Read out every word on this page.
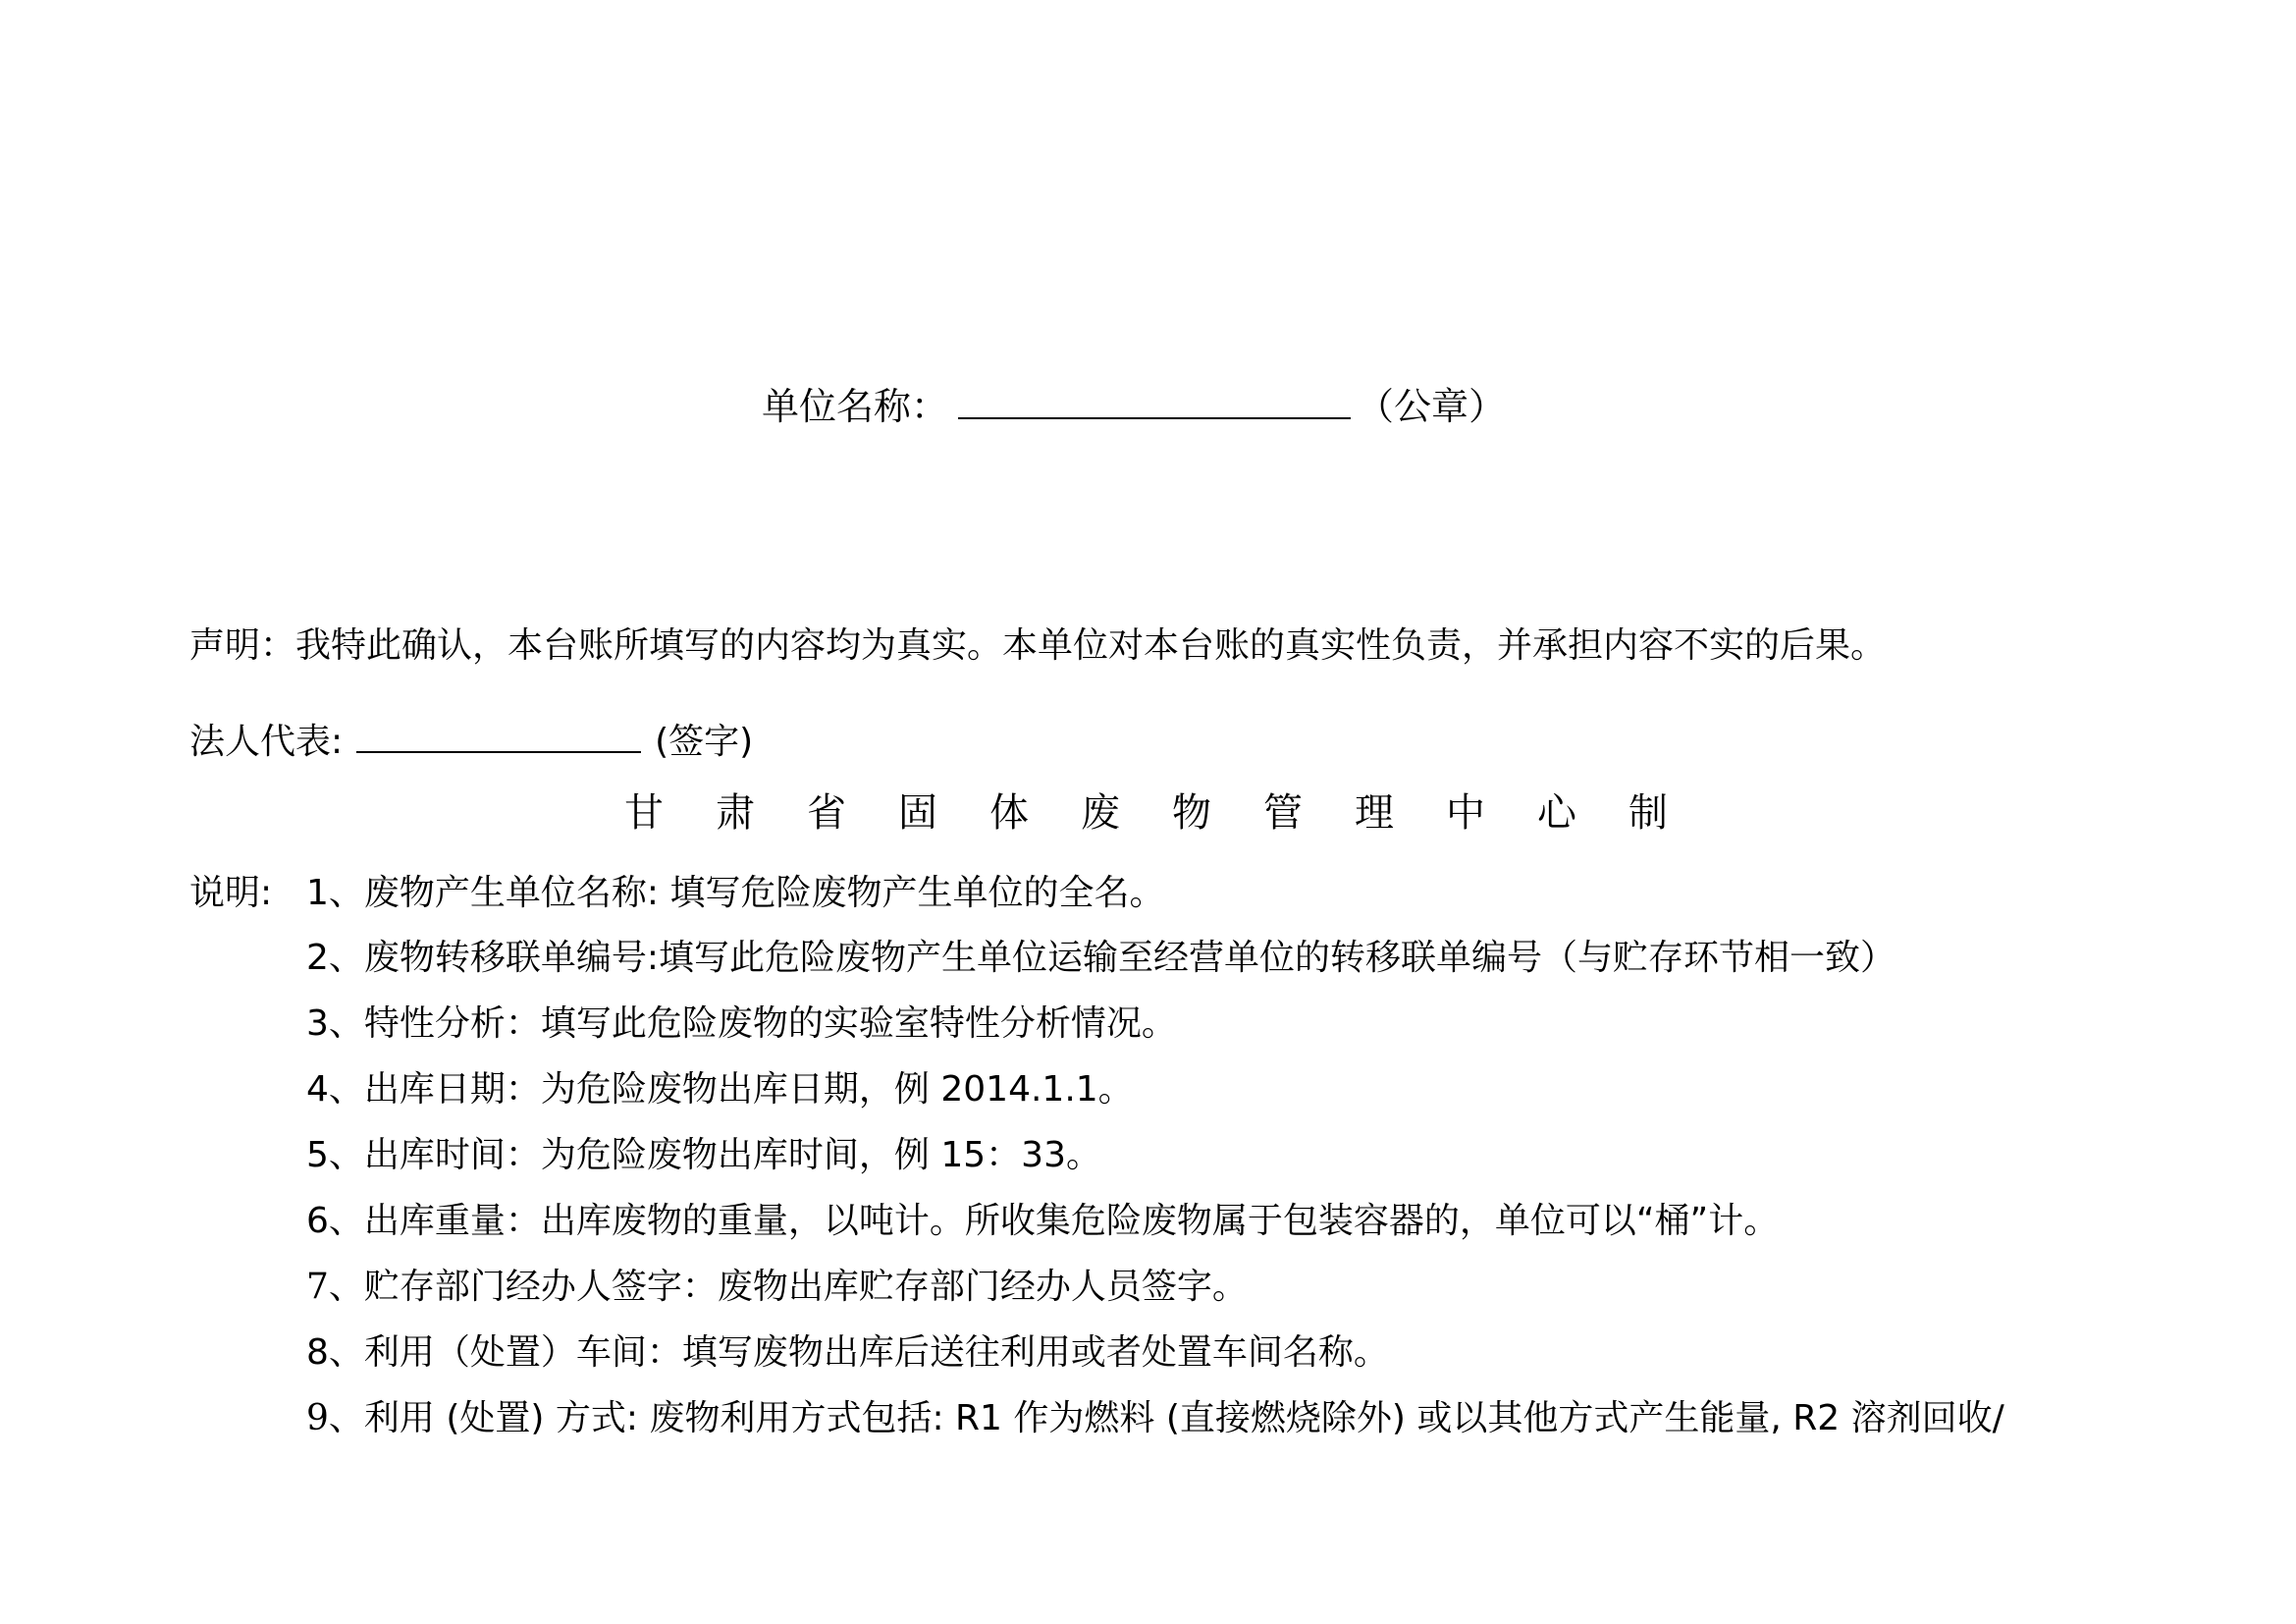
单位名称：	（公章）
声明：我特此确认，本台账所填写的内容均为真实。本单位对本台账的真实性负责，并承担内容不实的后果。
法人代表:	(签字)
甘肃省固体废物管理中心制
说明: 1、废物产生单位名称: 填写危险废物产生单位的全名。
2、废物转移联单编号:填写此危险废物产生单位运输至经营单位的转移联单编号（与贮存环节相一致）
3、特性分析：填写此危险废物的实验室特性分析情况。
4、出库日期：为危险废物出库日期，例 2014.1.1。
5、出库时间：为危险废物出库时间，例 15：33。
6、出库重量：出库废物的重量，以吨计。所收集危险废物属于包装容器的，单位可以“桶”计。
7、贮存部门经办人签字：废物出库贮存部门经办人员签字。
8、利用（处置）车间：填写废物出库后送往利用或者处置车间名称。
9、利用 (处置) 方式: 废物利用方式包括: R1 作为燃料 (直接燃烧除外) 或以其他方式产生能量, R2 溶剂回收/
